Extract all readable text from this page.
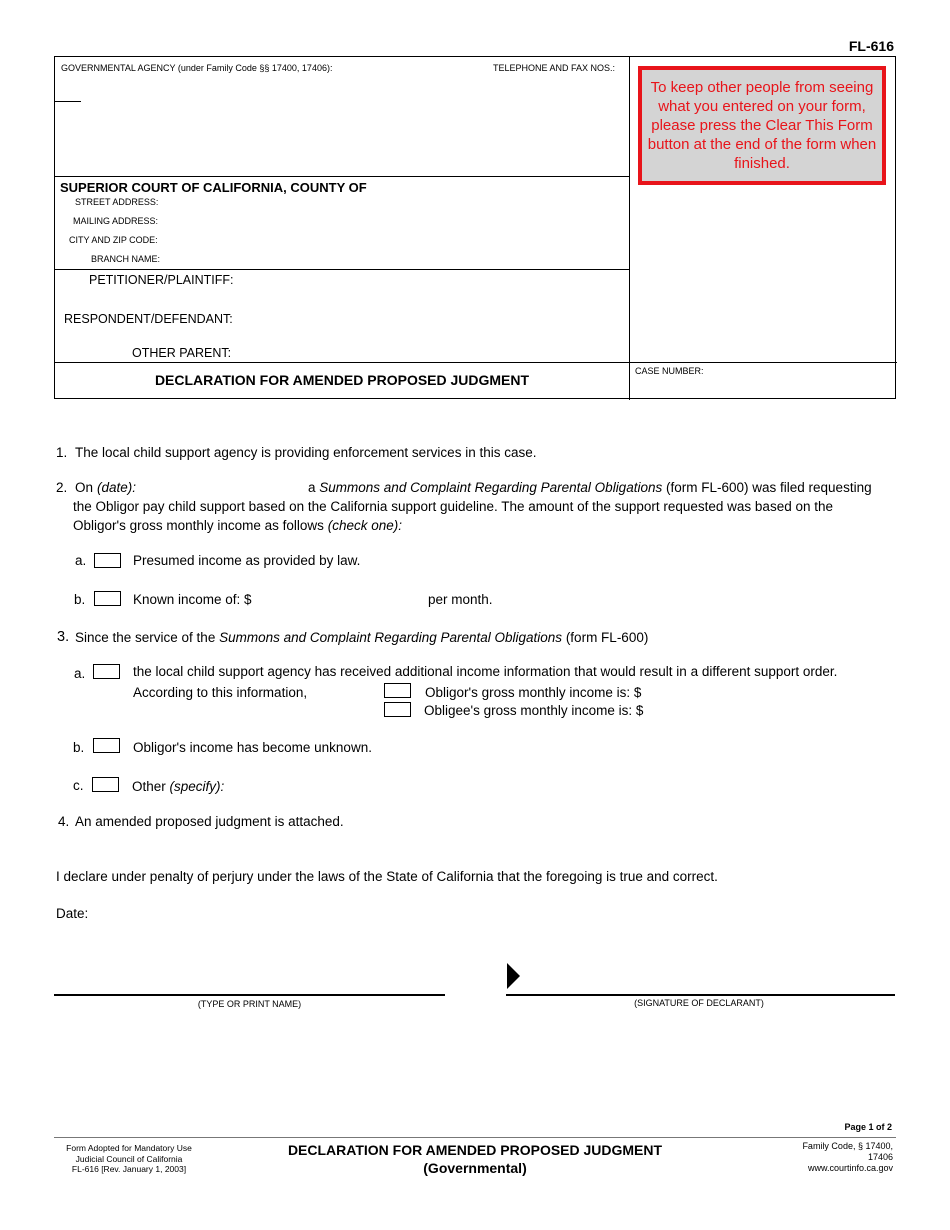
FL-616
GOVERNMENTAL AGENCY (under Family Code §§ 17400, 17406):	TELEPHONE AND FAX NOS.:
SUPERIOR COURT OF CALIFORNIA, COUNTY OF
STREET ADDRESS:
MAILING ADDRESS:
CITY AND ZIP CODE:
BRANCH NAME:
PETITIONER/PLAINTIFF:
RESPONDENT/DEFENDANT:
OTHER PARENT:
DECLARATION FOR AMENDED PROPOSED JUDGMENT
CASE NUMBER:
To keep other people from seeing what you entered on your form, please press the Clear This Form button at the end of the form when finished.
1. The local child support agency is providing enforcement services in this case.
2. On (date):	a Summons and Complaint Regarding Parental Obligations (form FL-600) was filed requesting
the Obligor pay child support based on the California support guideline. The amount of the support requested was based on the
Obligor's gross monthly income as follows (check one):
a.	Presumed income as provided by law.
b.	Known income of: $	per month.
3. Since the service of the Summons and Complaint Regarding Parental Obligations (form FL-600)
a.	the local child support agency has received additional income information that would result in a different support order.
According to this information,	Obligor's gross monthly income is: $
Obligee's gross monthly income is: $
b.	Obligor's income has become unknown.
c.	Other (specify):
4. An amended proposed judgment is attached.
I declare under penalty of perjury under the laws of the State of California that the foregoing is true and correct.
Date:
(TYPE OR PRINT NAME)	(SIGNATURE OF DECLARANT)
Page 1 of 2
Form Adopted for Mandatory Use
Judicial Council of California
FL-616 [Rev. January 1, 2003]
DECLARATION FOR AMENDED PROPOSED JUDGMENT
(Governmental)
Family Code, § 17400,
17406
www.courtinfo.ca.gov
